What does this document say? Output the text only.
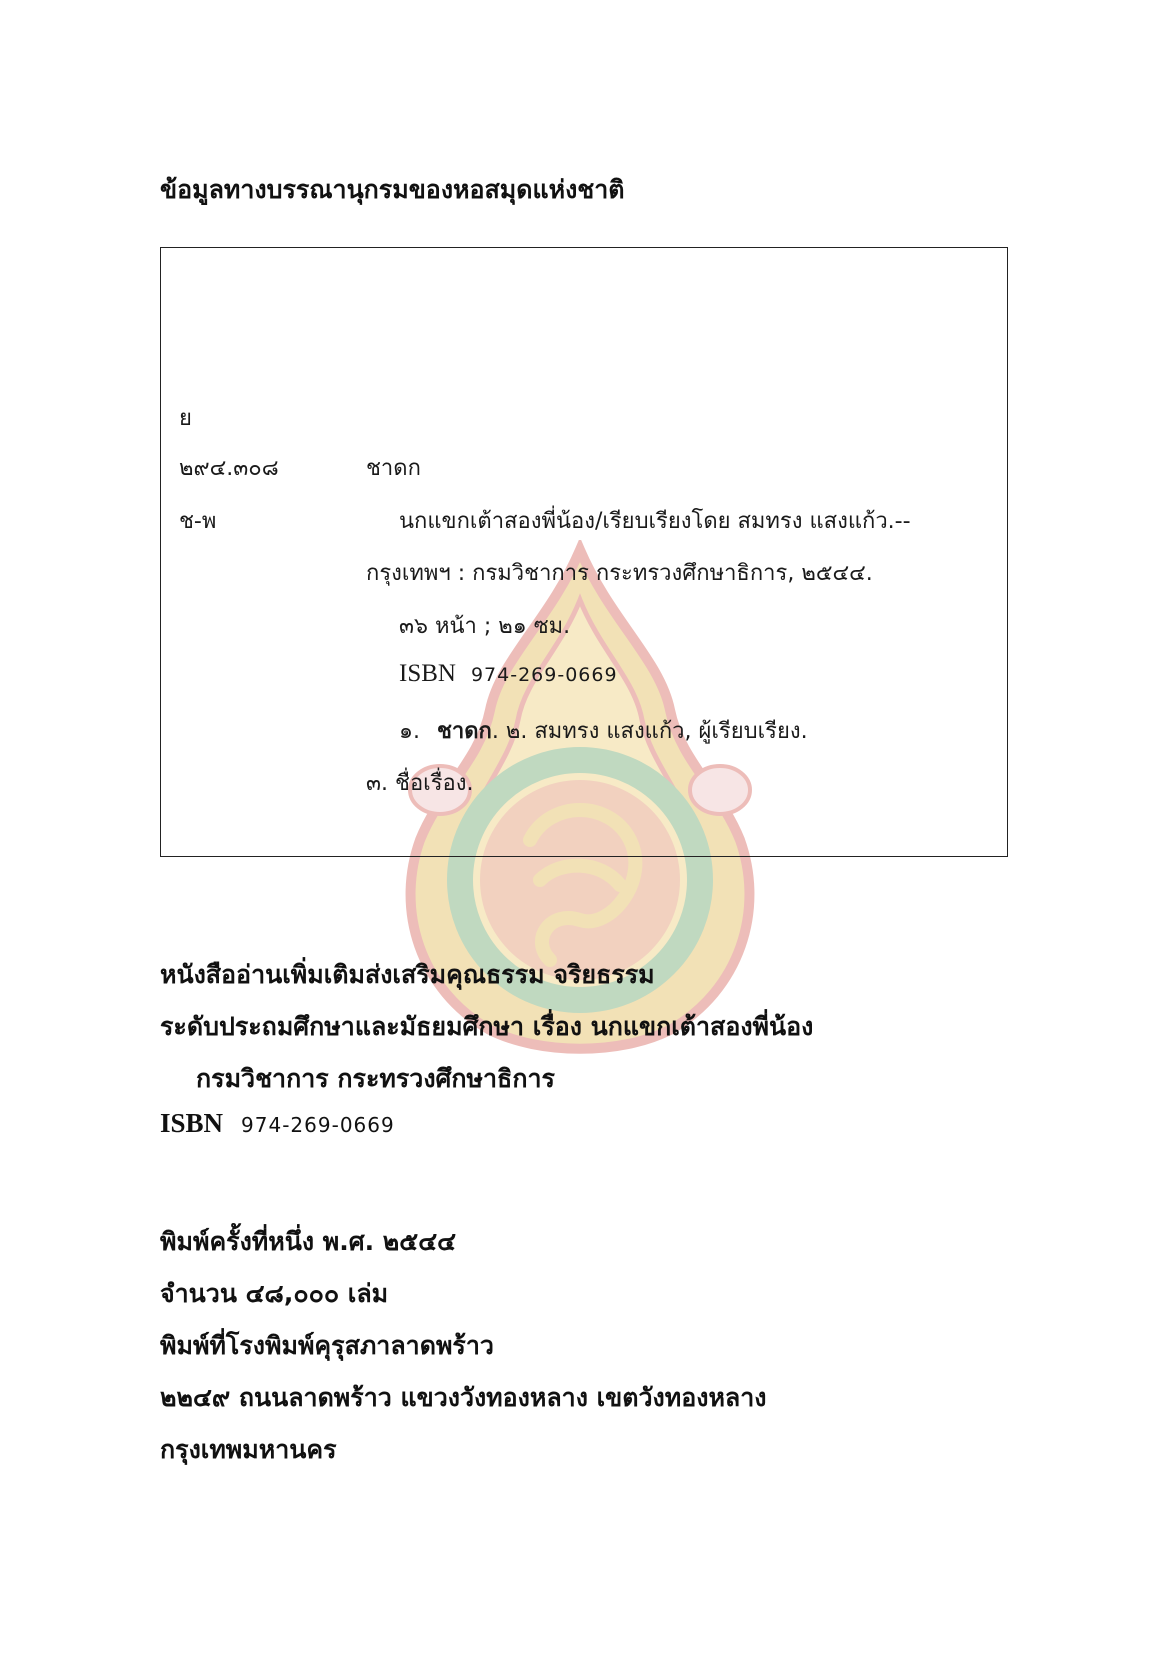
ข้อมูลทางบรรณานุกรมของหอสมุดแห่งชาติ
ย
๒๙๔.๓๐๘	ชาดก
ช-พ	นกแขกเต้าสองพี่น้อง/เรียบเรียงโดย สมทรง แสงแก้ว.--
กรุงเทพฯ : กรมวิชาการ กระทรวงศึกษาธิการ, ๒๕๔๔.
๓๖ หน้า ; ๒๑ ซม.
ISBN 974-269-0669
๑. ชาดก. ๒. สมทรง แสงแก้ว, ผู้เรียบเรียง.
๓. ชื่อเรื่อง.
หนังสืออ่านเพิ่มเติมส่งเสริมคุณธรรม จริยธรรม
ระดับประถมศึกษาและมัธยมศึกษา เรื่อง นกแขกเต้าสองพี่น้อง
กรมวิชาการ กระทรวงศึกษาธิการ
ISBN 974-269-0669
พิมพ์ครั้งที่หนึ่ง พ.ศ. ๒๕๔๔
จำนวน ๔๘,๐๐๐ เล่ม
พิมพ์ที่โรงพิมพ์คุรุสภาลาดพร้าว
๒๒๔๙ ถนนลาดพร้าว แขวงวังทองหลาง เขตวังทองหลาง
กรุงเทพมหานคร
